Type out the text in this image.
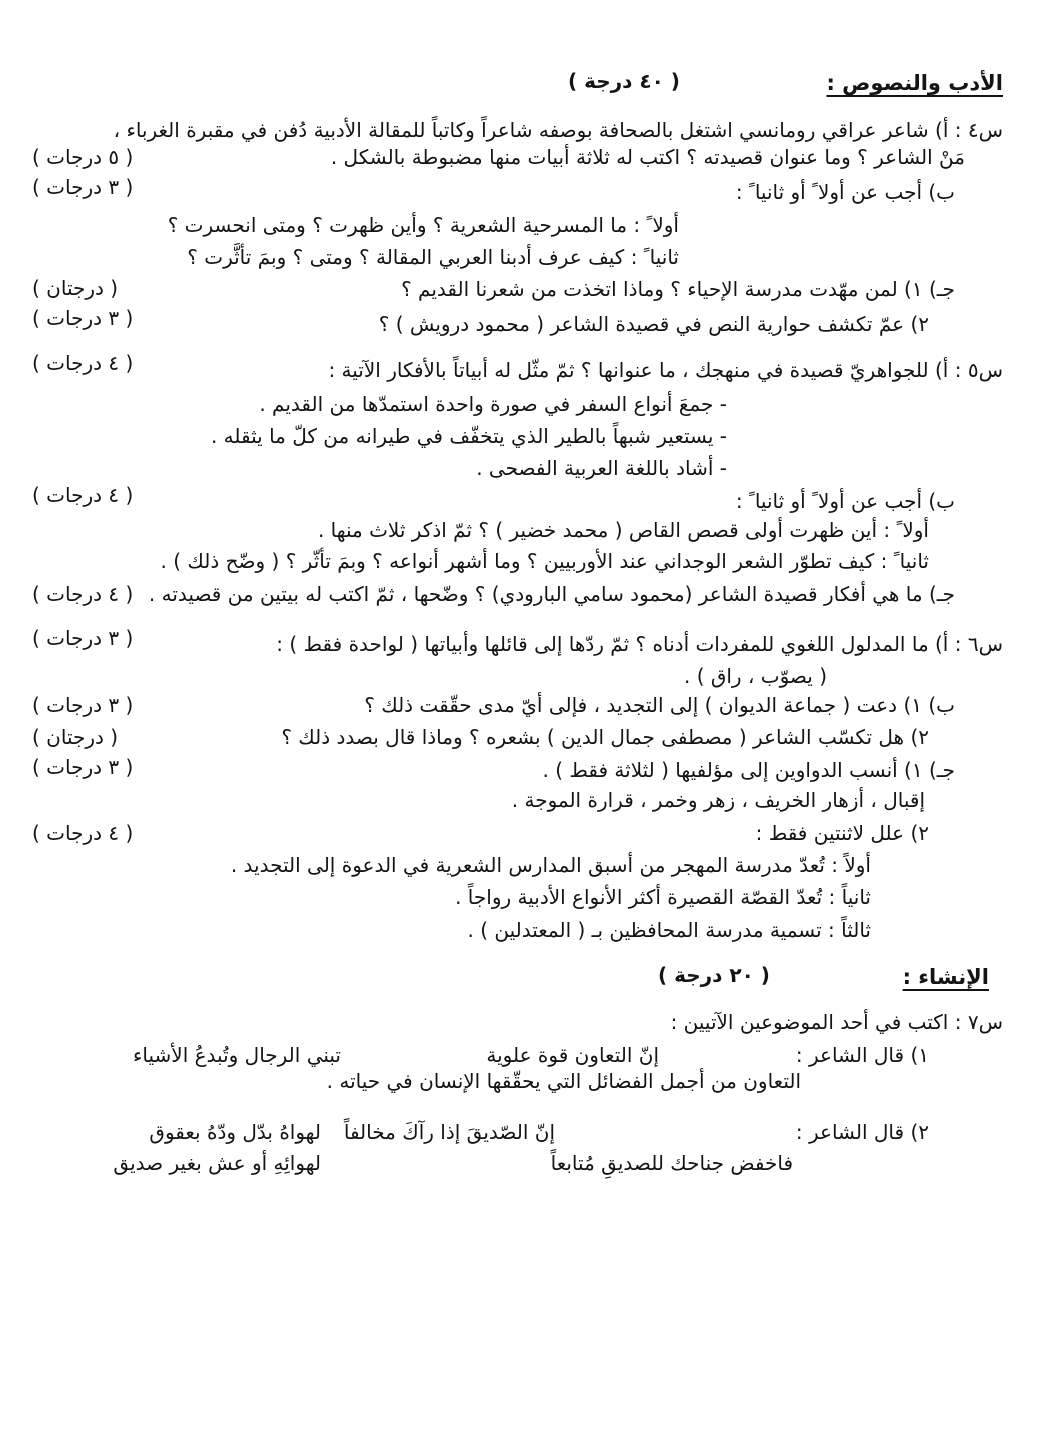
الأدب والنصوص :
( ٤٠ درجة )
س٤ : أ) شاعر عراقي رومانسي اشتغل بالصحافة بوصفه شاعراً وكاتباً للمقالة الأدبية دُفن في مقبرة الغرباء ،
مَنْ الشاعر ؟ وما عنوان قصيدته ؟ اكتب له ثلاثة أبيات منها مضبوطة بالشكل .
( ٥ درجات )
ب) أجب عن أولا ً أو ثانيا ً :
( ٣ درجات )
أولا ً : ما المسرحية الشعرية ؟ وأين ظهرت ؟ ومتى انحسرت ؟
ثانيا ً : كيف عرف أدبنا العربي المقالة ؟ ومتى ؟ وبمَ تأثَّرت ؟
جـ) ١) لمن مهّدت مدرسة الإحياء ؟ وماذا اتخذت من شعرنا القديم ؟
( درجتان )
٢) عمّ تكشف حوارية النص في قصيدة الشاعر ( محمود درويش ) ؟
( ٣ درجات )
س٥ : أ) للجواهريّ قصيدة في منهجك ، ما عنوانها ؟ ثمّ مثّل له أبياتاً بالأفكار الآتية :
( ٤ درجات )
- جمعَ أنواع السفر في صورة واحدة استمدّها من القديم .
- يستعير شبهاً بالطير الذي يتخفّف في طيرانه من كلّ ما يثقله .
- أشاد باللغة العربية الفصحى .
ب) أجب عن أولا ً أو ثانيا ً :
( ٤ درجات )
أولا ً : أين ظهرت أولى قصص القاص ( محمد خضير ) ؟ ثمّ اذكر ثلاث منها .
ثانيا ً : كيف تطوّر الشعر الوجداني عند الأوربيين ؟ وما أشهر أنواعه ؟ وبمَ تأثّر ؟ ( وضّح ذلك ) .
جـ) ما هي أفكار قصيدة الشاعر (محمود سامي البارودي) ؟ وضّحها ، ثمّ اكتب له بيتين من قصيدته .
( ٤ درجات )
س٦ : أ) ما المدلول اللغوي للمفردات أدناه ؟ ثمّ ردّها إلى قائلها وأبياتها ( لواحدة فقط ) :
( ٣ درجات )
( يصوّب ، راق ) .
ب) ١) دعت ( جماعة الديوان ) إلى التجديد ، فإلى أيّ مدى حقّقت ذلك ؟
( ٣ درجات )
٢) هل تكسّب الشاعر ( مصطفى جمال الدين ) بشعره ؟ وماذا قال بصدد ذلك ؟
( درجتان )
جـ) ١) أنسب الدواوين إلى مؤلفيها ( لثلاثة فقط ) .
( ٣ درجات )
إقبال ، أزهار الخريف ، زهر وخمر ، قرارة الموجة .
٢) علل لاثنتين فقط :
( ٤ درجات )
أولاً : تُعدّ مدرسة المهجر من أسبق المدارس الشعرية في الدعوة إلى التجديد .
ثانياً : تُعدّ القصّة القصيرة أكثر الأنواع الأدبية رواجاً .
ثالثاً : تسمية مدرسة المحافظين بـ ( المعتدلين ) .
الإنشاء :
( ٢٠ درجة )
س٧ : اكتب في أحد الموضوعين الآتيين :
١) قال الشاعر :
إنّ التعاون قوة علوية
تبني الرجال وتُبدعُ الأشياء
التعاون من أجمل الفضائل التي يحقّقها الإنسان في حياته .
٢) قال الشاعر :
إنّ الصّديقَ إذا رآكَ مخالفاً
لهواهُ بدّل ودّهُ بعقوق
فاخفض جناحك للصديقِ مُتابعاً
لهوائِهِ أو عش بغير صديق
